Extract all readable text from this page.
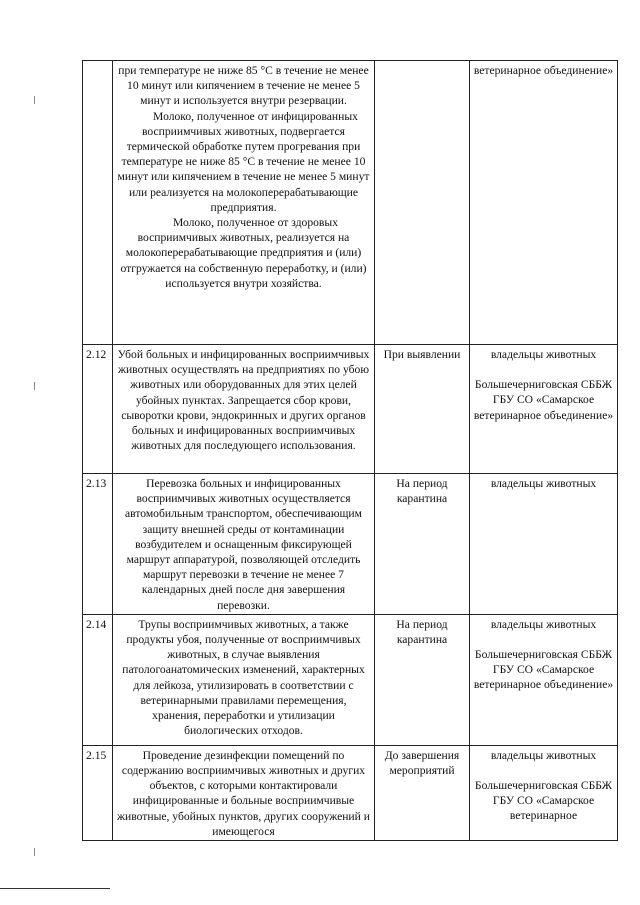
	при температуре не ниже 85 °С в течение не менее 10 минут или кипячением в течение не менее 5 минут и используется внутри резервации.

Молоко, полученное от инфицированных восприимчивых животных, подвергается термической обработке путем прогревания при температуре не ниже 85 °С в течение не менее 10 минут или кипячением в течение не менее 5 минут или реализуется на молокоперерабатывающие предприятия.

Молоко, полученное от здоровых восприимчивых животных, реализуется на молокоперерабатывающие предприятия и (или) отгружается на собственную переработку, и (или) используется внутри хозяйства.		ветеринарное объединение»

2.12	Убой больных и инфицированных восприимчивых животных осуществлять на предприятиях по убою животных или оборудованных для этих целей убойных пунктах. Запрещается сбор крови, сыворотки крови, эндокринных и других органов больных и инфицированных восприимчивых животных для последующего использования.	При выявлении	владельцы животных
Большечерниговская СББЖ ГБУ СО «Самарское ветеринарное объединение»

2.13	Перевозка больных и инфицированных восприимчивых животных осуществляется автомобильным транспортом, обеспечивающим защиту внешней среды от контаминации возбудителем и оснащенным фиксирующей маршрут аппаратурой, позволяющей отследить маршрут перевозки в течение не менее 7 календарных дней после дня завершения перевозки.	На период карантина	владельцы животных

2.14	Трупы восприимчивых животных, а также продукты убоя, полученные от восприимчивых животных, в случае выявления патологоанатомических изменений, характерных для лейкоза, утилизировать в соответствии с ветеринарными правилами перемещения, хранения, переработки и утилизации биологических отходов.	На период карантина	владельцы животных
Большечерниговская СББЖ ГБУ СО «Самарское ветеринарное объединение»

2.15	Проведение дезинфекции помещений по содержанию восприимчивых животных и других объектов, с которыми контактировали инфицированные и больные восприимчивые животные, убойных пунктов, других сооружений и имеющегося	До завершения мероприятий	владельцы животных
Большечерниговская СББЖ ГБУ СО «Самарское ветеринарное
